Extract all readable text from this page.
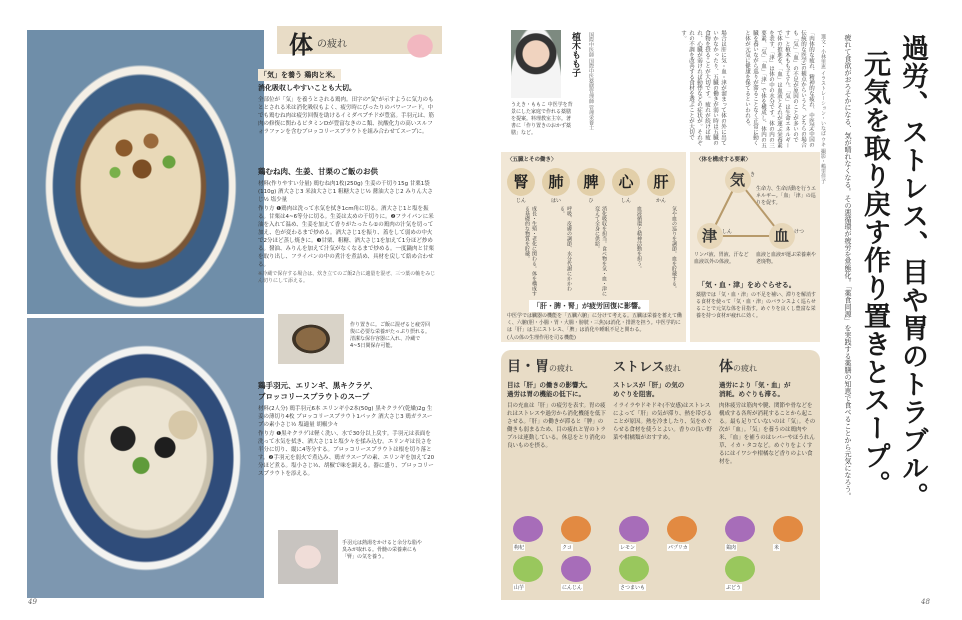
体 の疲れ
「気」を養う 鶏肉と米。
消化吸収しやすいことも大切。
全部位が「気」を養うとされる鶏肉。田字の"気"が示すように気力のもととされる米は消化吸収もよく、疲労時にぴったりのパワーフード。中でも鶏むね肉は疲労回復を助けるイミダペプチドが豊富。手羽元は、筋肉の修復に関わるビタミンDが豊富なきのこ類、抗酸化力の高いスルフォラファンを含むブロッコリースプラウトを組み合わせてスープに。
鶏むね肉、生姜、甘栗のご飯のお供
材料(作りやすい分量) 鶏むね肉1枚(250g) 生姜の千切り15g 甘栗1袋(110g) 酒大さじ3 米油大さじ1 粗糖大さじ½ 醤油大さじ2 みりん大さじ½ 塩少量
作り方 ❶鶏肉は洗って水気を拭き1cm角に切る。酒大さじ1と塩を振る。甘栗は4~6等分に切る。生姜は太めの千切りに。❷フライパンに米油を入れて温め、生姜を加えて香りがたったら①の鶏肉の汁気を切って加え、色が変わるまで炒める。酒大さじ1を振り、蓋をして弱めの中火で2分ほど蒸し焼きに。❸甘栗、粗糖、酒大さじ1を加えて1分ほど炒める。醤油、みりんを加えて汁気がなくなるまで炒める。一度鍋肉と甘栗を取り出し、フライパンの中の煮汁を煮詰め、具材を戻して絡め合わせる。
※冷蔵で保存する場合は、炊き立てのご飯2合に適量を混ぜ、三つ葉の軸をみじん切りにして添える。
作り置きに。ご飯に混ぜると疲労回復に必要な栄養がたっぷり摂れる。清潔な保存容器に入れ、冷蔵で4~5日間保存可能。
鶏手羽元、エリンギ、黒キクラゲ、
ブロッコリースプラウトのスープ
材料(2人分) 鶏手羽元6本 エリンギ小2本(50g) 黒キクラゲ(乾燥)2g 生姜の薄切り4枚 ブロッコリースプラウト1パック 酒大さじ3 鶏ガラスープの素小さじ½ 塩適量 胡椒少々
作り方 ❶黒キクラゲは軽く洗い、水で30分以上戻す。手羽元は表面を洗って水気を拭き、酒大さじ1と塩少々を揉み込む。エリンギは長さを半分に切り、縦に4等分する。ブロッコリースプラウトは根を切り落とす。❷手羽元を弱火で煮込み、鶏ガラスープの素、エリンギを加えて20分ほど煮る。塩小さじ½、胡椒で味を調える。器に盛り、ブロッコリースプラウトを添える。
手羽元は熱湯をかけると余分な脂や臭みが取れる。骨髄の栄養素にも「腎」の気を養う。
49
過労、ストレス、目や胃のトラブル。
元気を取り戻す作り置きとスープ。
疲れて食欲がおろそかになる、気が晴れなくなる。その悪循環が疲労を常態化。「薬食同源」を実践する薬膳の知恵で食べることから元気になろう。
選文・小林里恵 イラストレーション・いなば ウキ 撮影・嶋里佳子
「肉体的な疲れ、精神的な疲れ、中医学(中国の伝統的な医学)の観点からいうと、どちらの場合も「気」「血」の不足が原因のことが多いのです」と植木もも子さん。「気」は生命エネルギーで体の推進を、「血」は血液とそれが運ぶ栄養素を表す、「津」は体の中の水分です。体の内の三要素、「気」「血」「津」で体を構成し、体内の五臓を養いながら巡りが滞ることなく正常に動くと体が元気に健康を保てるといわれる。
場合は肝に気・血・津が溜まって体の外に出ていかなかったり、五臓の働きが弱い時は五臓の食物を摂ることが大切です。疲れが続けば疲れ、心臓が弱ければ動悸などの症状が。それぞれの不調を改善する食材を選ぶことが大切です。
植木もも子	国際中医師 国際中医薬膳管理師 管理栄養士
うえき・ももこ 中医学を背景にした家庭で作れる薬膳を提案。料理教室主宰。著書に「作り置きのおかず薬膳」など。
〈五臓とその働き〉
腎
じん
肺
はい
脾
ひ
心
しん
肝
かん
成長・生殖・老化に関わる。体を構成する基礎的な物質を貯蔵。	呼吸、皮膚の調節、水分代謝にかかわる。	消化吸収を担当。食べ物を気・血・津に変えて全身に供給。	血液循環と精神活動を担う。	気や血の巡りを調節。血を貯蔵する。
「肝・脾・腎」が疲労回復に影響。
中医学では臓器の機能を「五臓六腑」に分けて考える。五臓は栄養を蓄えて働く、六腑(胆・小腸・胃・大腸・膀胱・三焦)は消化・排泄を担う。中医学的には「肝」は主にストレス、「脾」は消化や睡眠不足と関わる。
(人の体の生理作用を司る機能)
〈体を構成する要素〉
気 き
生命力、生命活動を行うエネルギー。「血」「津」の巡りを促す。
津 しん	血 けつ
リンパ液、胃液、汗など血液以外の体液。
血液と血液が運ぶ栄養素や老廃物。
「気・血・津」をめぐらせる。
薬膳では「気・血・津」の不足を補い、滞りを解消する食材を使って「気・血・津」のバランスよく巡らせることで元気な体を目指す。めぐりを良くし豊富な栄養を持つ食材が疲れに効く。
目・胃の疲れ
目は「肝」の働きの影響大。
過労は胃の機能の低下に。
目の充血は「肝」の疲労を表す。胃の疲れはストレスや過労から消化機能を低下させる。「肝」の働きが滞ると「脾」の働きも弱まるため、目の疲れと胃のトラブルは連動している。休息をとり消化の良いものを摂る。
枸杞	クコ
山芋	にんじん
ストレス疲れ
ストレスが「肝」の気の
めぐりを阻害。
イライラやドキドキ(不安感)はストレスによって「肝」の気が滞り、熱を帯びることが原因。熱を冷ましたり、気をめぐらせる食材を使うとよい。香りの良い野菜や柑橘類がおすすめ。
レモン	パプリカ
さつまいも
体の疲れ
過労により「気・血」が
消耗。めぐりも滞る。
肉体疲労は筋肉や腱、関節や骨などを構成する各所が消耗することから起こる。最も足りていないのは「気」。その次が「血」。「気」を養うのは鶏肉や米、「血」を補うのはレバーやほうれん草、イカ・タコなど。めぐりをよくするにはイワシや柑橘など香りのよい食材を。
鶏肉	米
ぶどう
48
